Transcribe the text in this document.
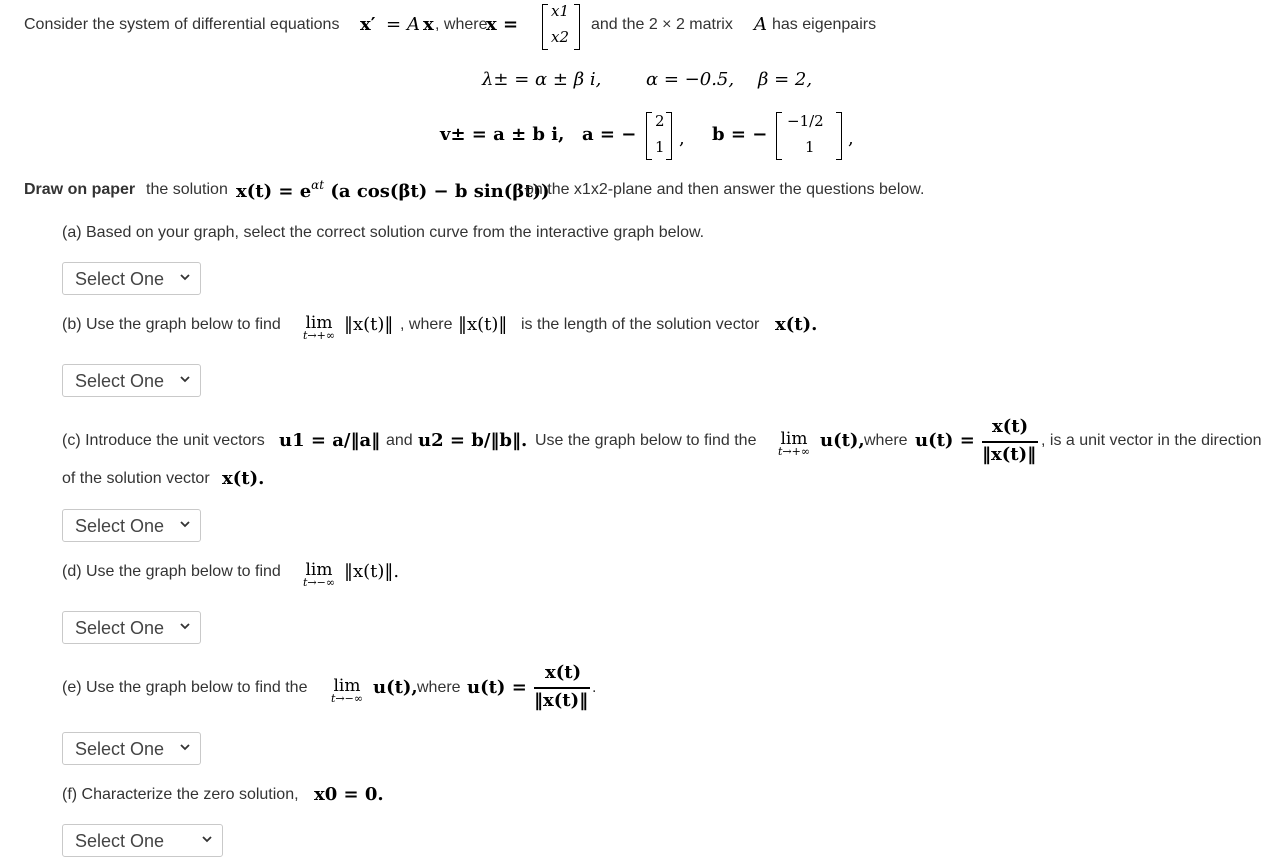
Consider the system of differential equations x′ = A x , where
x =
x1
x2
and the 2 × 2 matrix A has eigenpairs
λ± = α ± β i, α = −0.5, β = 2,
v± = a ± b i, a = −
2
1 , b = −
−1/2
1 ,
Draw on paper the solution $x(t) = e^{\alpha t}$ (a cos(βt) − b sin(βt))
on the x1x2-plane and then answer the questions below.
(a) Based on your graph, select the correct solution curve from the interactive graph below.
Select One
(b) Use the graph below to find	lim
t→+∞
‖x(t)‖ , where ‖x(t)‖ is the length of the solution vector x(t).
Select One
(c) Introduce the unit vectors u1 = a/‖a‖ and u2 = b/‖b‖. Use the graph below to find the	lim
t→+∞
u(t), where u(t) =
x(t)
‖x(t)‖
, is a unit vector in the direction
of the solution vector x(t).
Select One
(d) Use the graph below to find	lim
t→−∞
‖x(t)‖.
Select One
(e) Use the graph below to find the	lim
t→−∞
u(t), where u(t) =
x(t)
‖x(t)‖
.
Select One
(f) Characterize the zero solution, x0 = 0.
Select One
